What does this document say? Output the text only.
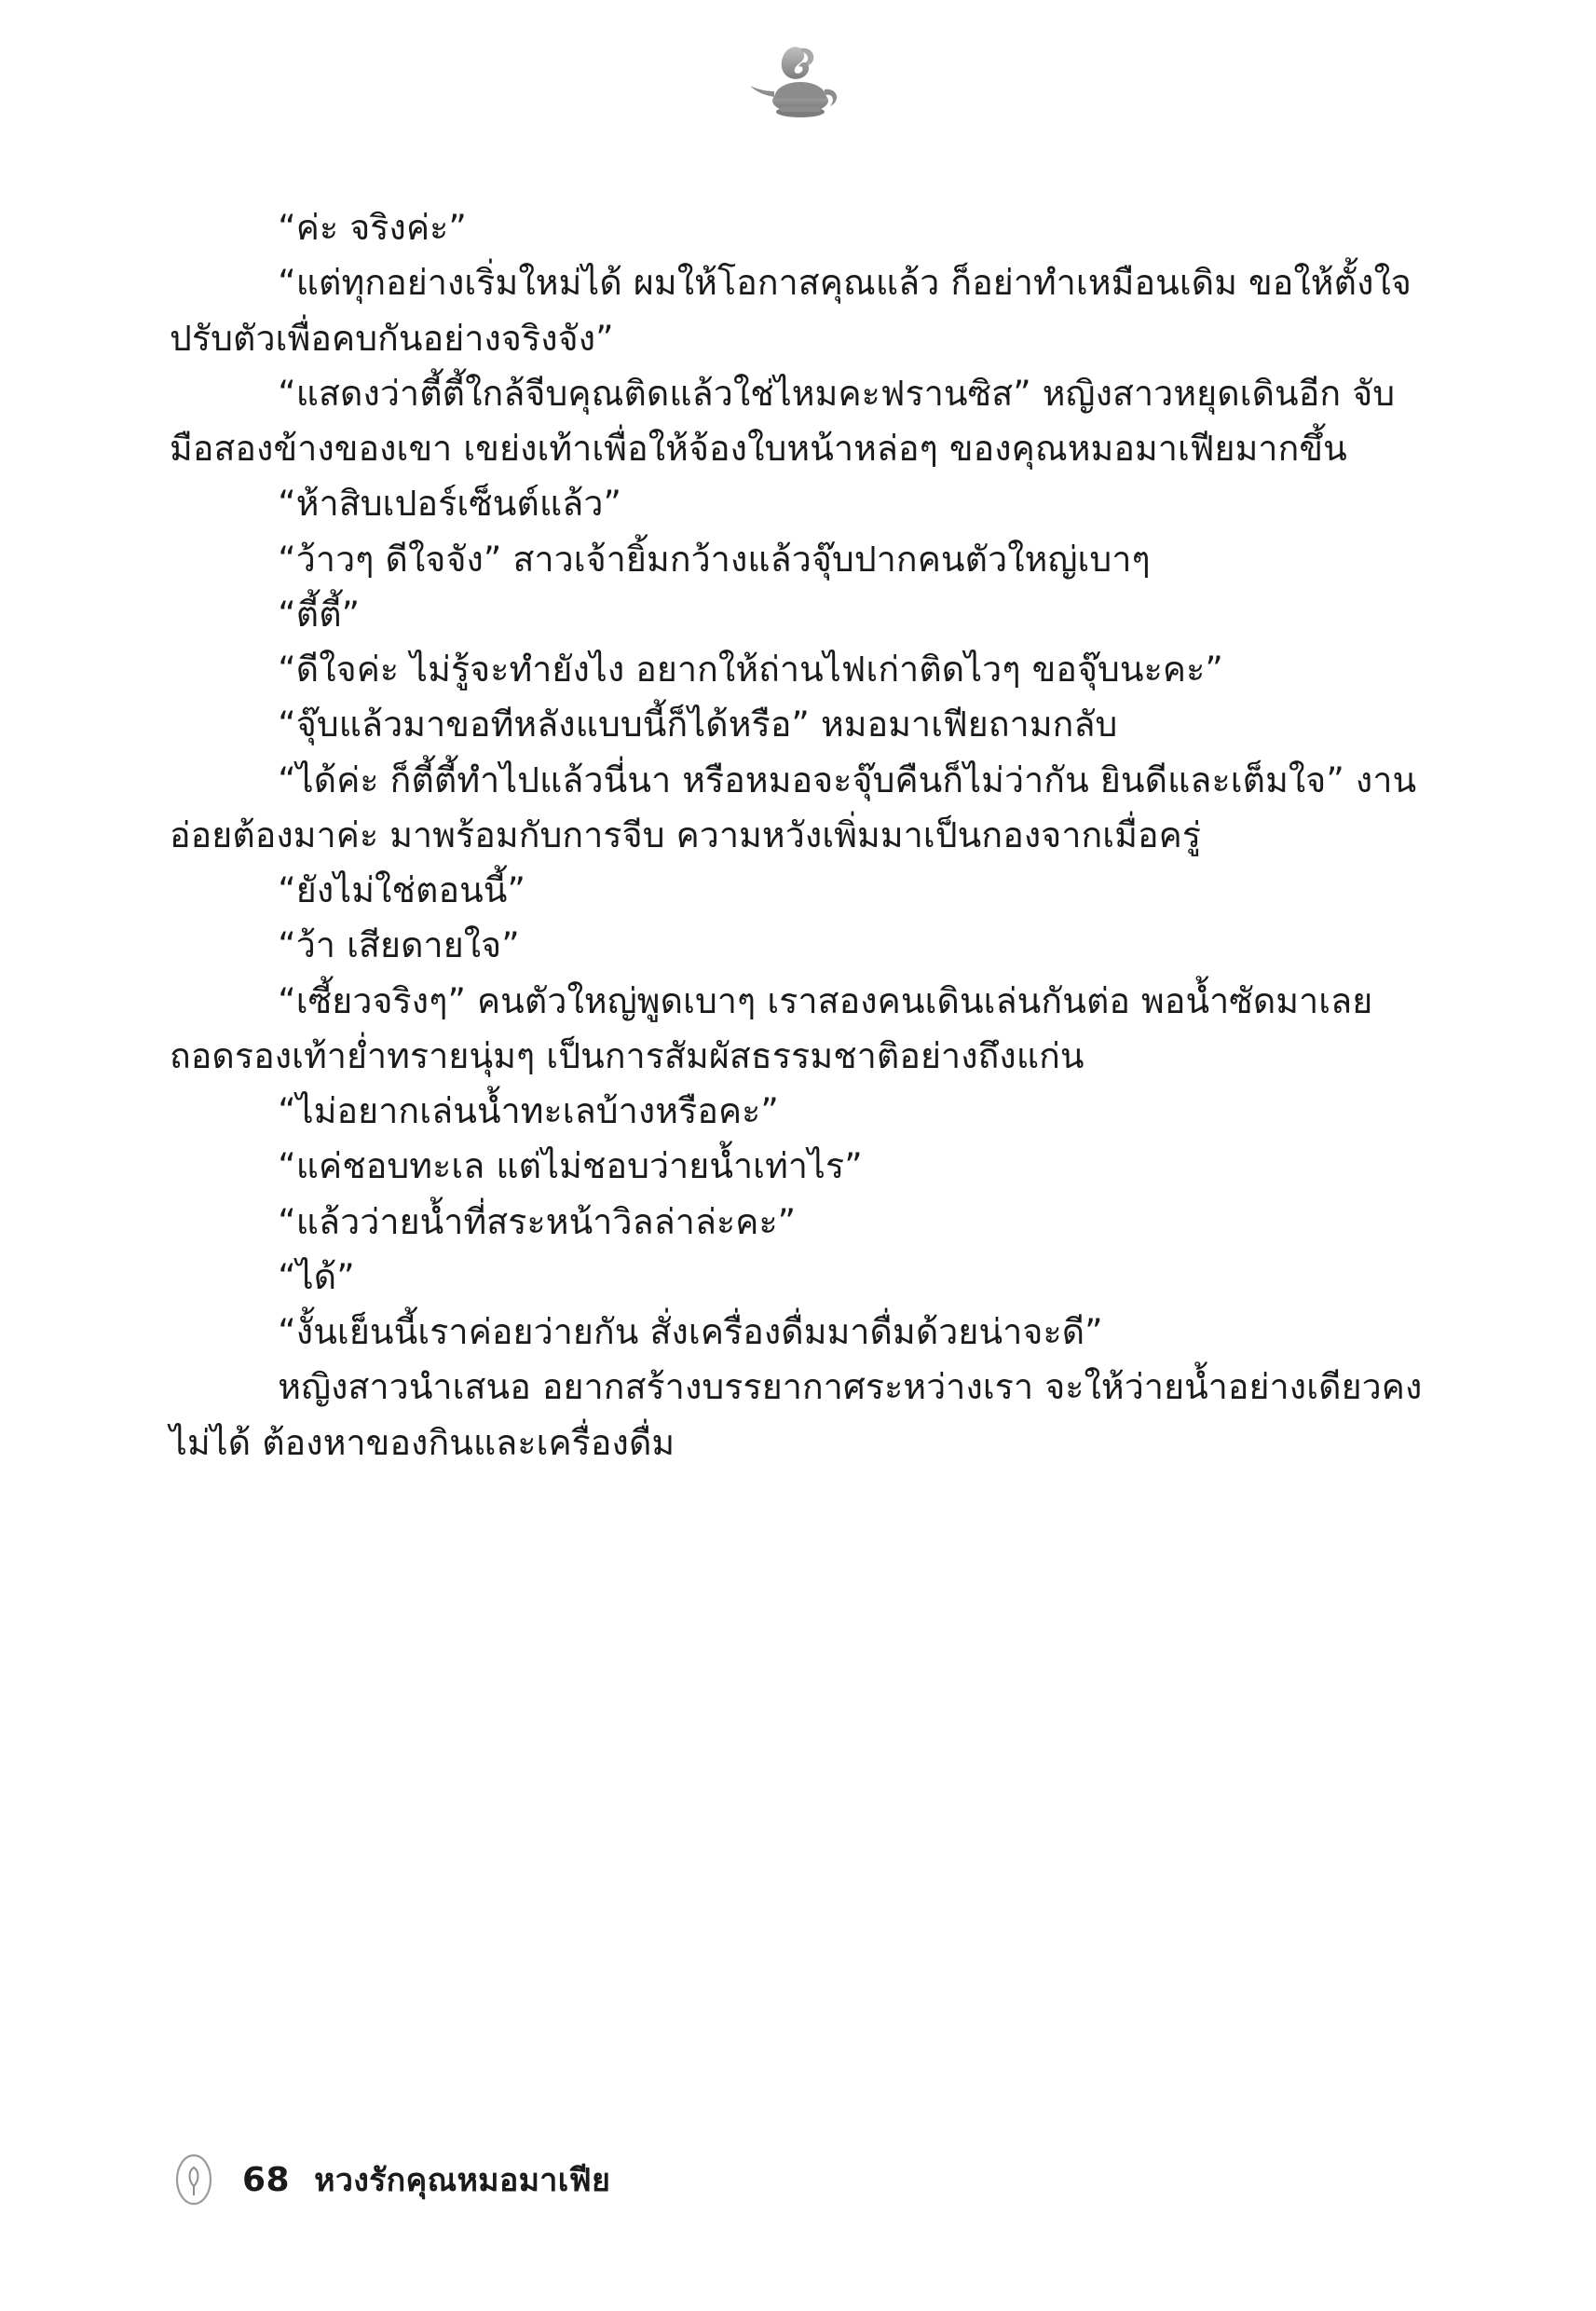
“ค่ะ จริงค่ะ”

“แต่ทุกอย่างเริ่มใหม่ได้ ผมให้โอกาสคุณแล้ว ก็อย่าทำเหมือนเดิม ขอให้ตั้งใจปรับตัวเพื่อคบกันอย่างจริงจัง”

“แสดงว่าตี้ตี้ใกล้จีบคุณติดแล้วใช่ไหมคะฟรานซิส” หญิงสาวหยุดเดินอีก จับมือสองข้างของเขา เขย่งเท้าเพื่อให้จ้องใบหน้าหล่อๆ ของคุณหมอมาเฟียมากขึ้น

“ห้าสิบเปอร์เซ็นต์แล้ว”

“ว้าวๆ ดีใจจัง” สาวเจ้ายิ้มกว้างแล้วจุ๊บปากคนตัวใหญ่เบาๆ

“ตี้ตี้”

“ดีใจค่ะ ไม่รู้จะทำยังไง อยากให้ถ่านไฟเก่าติดไวๆ ขอจุ๊บนะคะ”

“จุ๊บแล้วมาขอทีหลังแบบนี้ก็ได้หรือ” หมอมาเฟียถามกลับ

“ได้ค่ะ ก็ตี้ตี้ทำไปแล้วนี่นา หรือหมอจะจุ๊บคืนก็ไม่ว่ากัน ยินดีและเต็มใจ” งานอ่อยต้องมาค่ะ มาพร้อมกับการจีบ ความหวังเพิ่มมาเป็นกองจากเมื่อครู่

“ยังไม่ใช่ตอนนี้”

“ว้า เสียดายใจ”

“เซี้ยวจริงๆ” คนตัวใหญ่พูดเบาๆ เราสองคนเดินเล่นกันต่อ พอน้ำซัดมาเลยถอดรองเท้าย่ำทรายนุ่มๆ เป็นการสัมผัสธรรมชาติอย่างถึงแก่น

“ไม่อยากเล่นน้ำทะเลบ้างหรือคะ”

“แค่ชอบทะเล แต่ไม่ชอบว่ายน้ำเท่าไร”

“แล้วว่ายน้ำที่สระหน้าวิลล่าล่ะคะ”

“ได้”

“งั้นเย็นนี้เราค่อยว่ายกัน สั่งเครื่องดื่มมาดื่มด้วยน่าจะดี”

หญิงสาวนำเสนอ อยากสร้างบรรยากาศระหว่างเรา จะให้ว่ายน้ำอย่างเดียวคงไม่ได้ ต้องหาของกินและเครื่องดื่ม

68 หวงรักคุณหมอมาเฟีย
